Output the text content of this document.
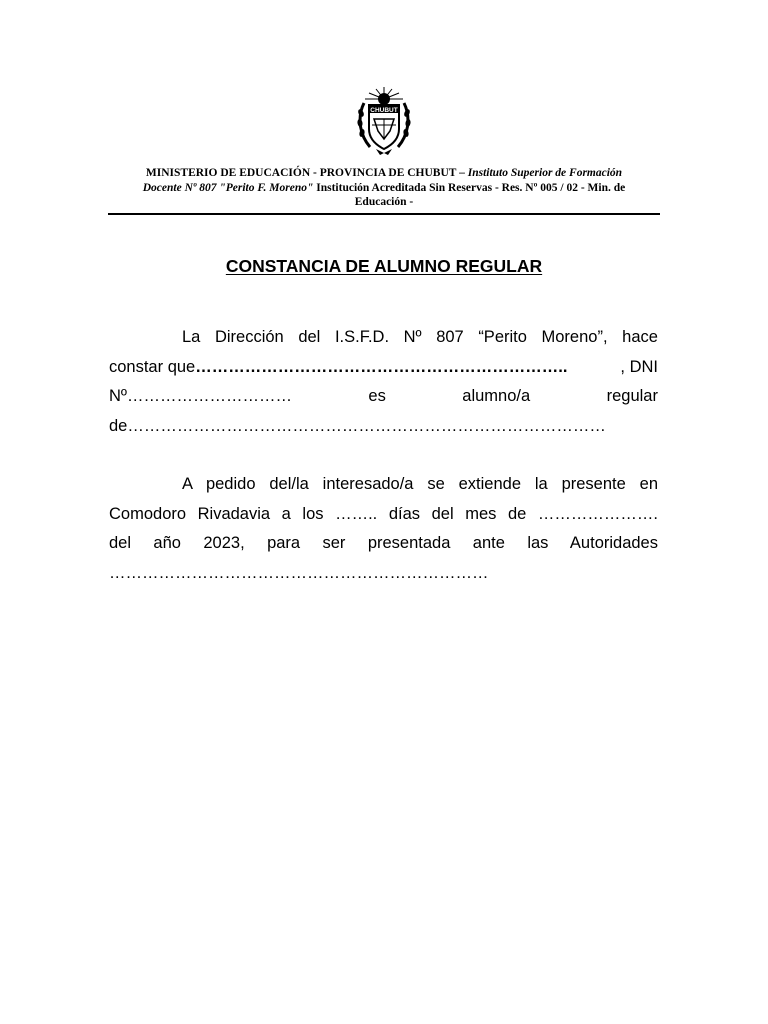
CHUBUT
MINISTERIO DE EDUCACIÓN - PROVINCIA DE CHUBUT – Instituto Superior de Formación
Docente Nº 807 "Perito F. Moreno" Institución Acreditada Sin Reservas - Res. Nº 005 / 02 - Min. de
Educación -
CONSTANCIA DE ALUMNO REGULAR
La Dirección del I.S.F.D. Nº 807 “Perito Moreno”, hace
constar que …………………………………………………………..	, DNI
Nº…………………………	es	alumno/a	regular
de……………………………………………………………………………
A pedido del/la interesado/a se extiende la presente en
Comodoro Rivadavia a los …….. días del mes de ………………….
del año 2023, para ser presentada ante las Autoridades
……………………………………………………………
